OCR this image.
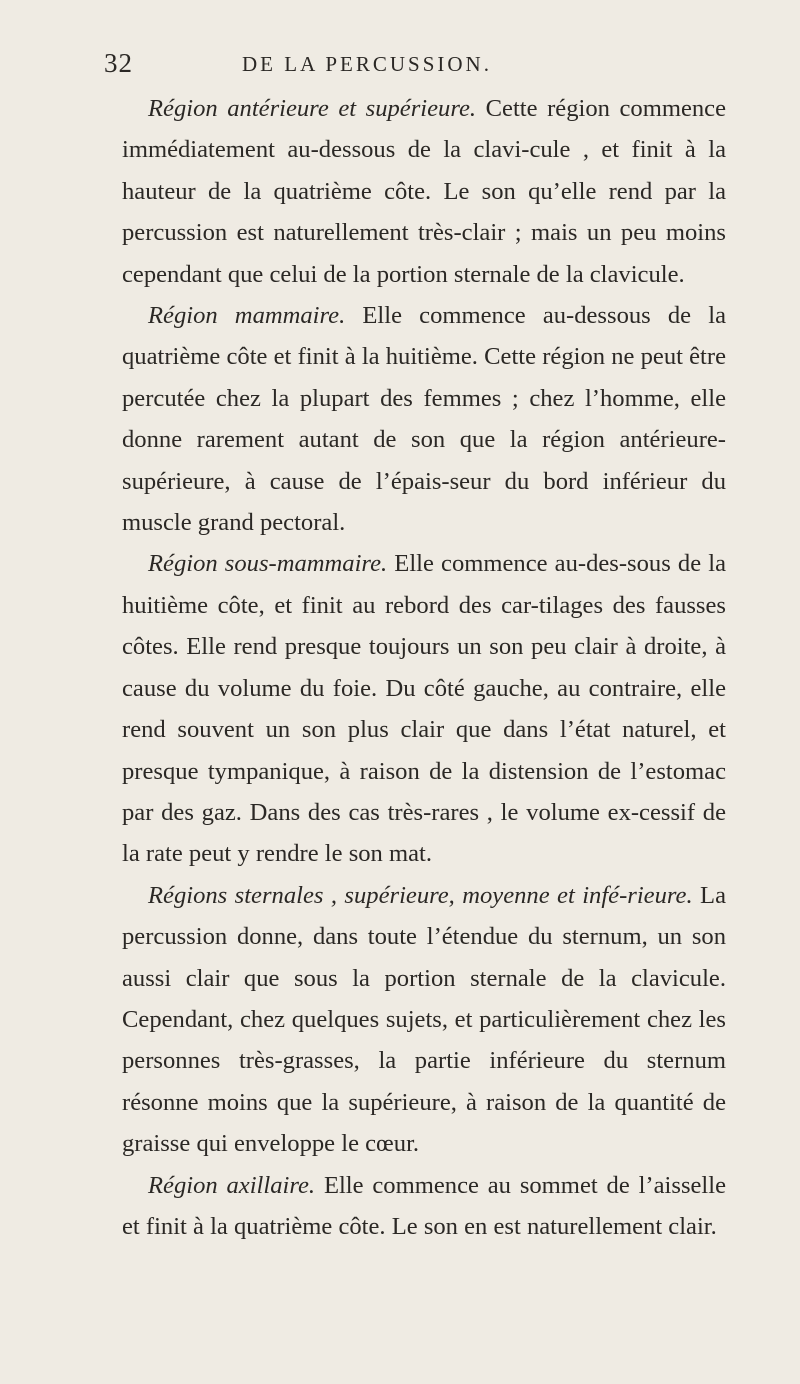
32	DE LA PERCUSSION.

Région antérieure et supérieure. Cette région commence immédiatement au-dessous de la clavi-cule , et finit à la hauteur de la quatrième côte. Le son qu’elle rend par la percussion est naturellement très-clair ; mais un peu moins cependant que celui de la portion sternale de la clavicule.

Région mammaire. Elle commence au-dessous de la quatrième côte et finit à la huitième. Cette région ne peut être percutée chez la plupart des femmes ; chez l’homme, elle donne rarement autant de son que la région antérieure-supérieure, à cause de l’épais-seur du bord inférieur du muscle grand pectoral.

Région sous-mammaire. Elle commence au-des-sous de la huitième côte, et finit au rebord des car-tilages des fausses côtes. Elle rend presque toujours un son peu clair à droite, à cause du volume du foie. Du côté gauche, au contraire, elle rend souvent un son plus clair que dans l’état naturel, et presque tympanique, à raison de la distension de l’estomac par des gaz. Dans des cas très-rares , le volume ex-cessif de la rate peut y rendre le son mat.

Régions sternales , supérieure, moyenne et infé-rieure. La percussion donne, dans toute l’étendue du sternum, un son aussi clair que sous la portion sternale de la clavicule. Cependant, chez quelques sujets, et particulièrement chez les personnes très-grasses, la partie inférieure du sternum résonne moins que la supérieure, à raison de la quantité de graisse qui enveloppe le cœur.

Région axillaire. Elle commence au sommet de l’aisselle et finit à la quatrième côte. Le son en est naturellement clair.
